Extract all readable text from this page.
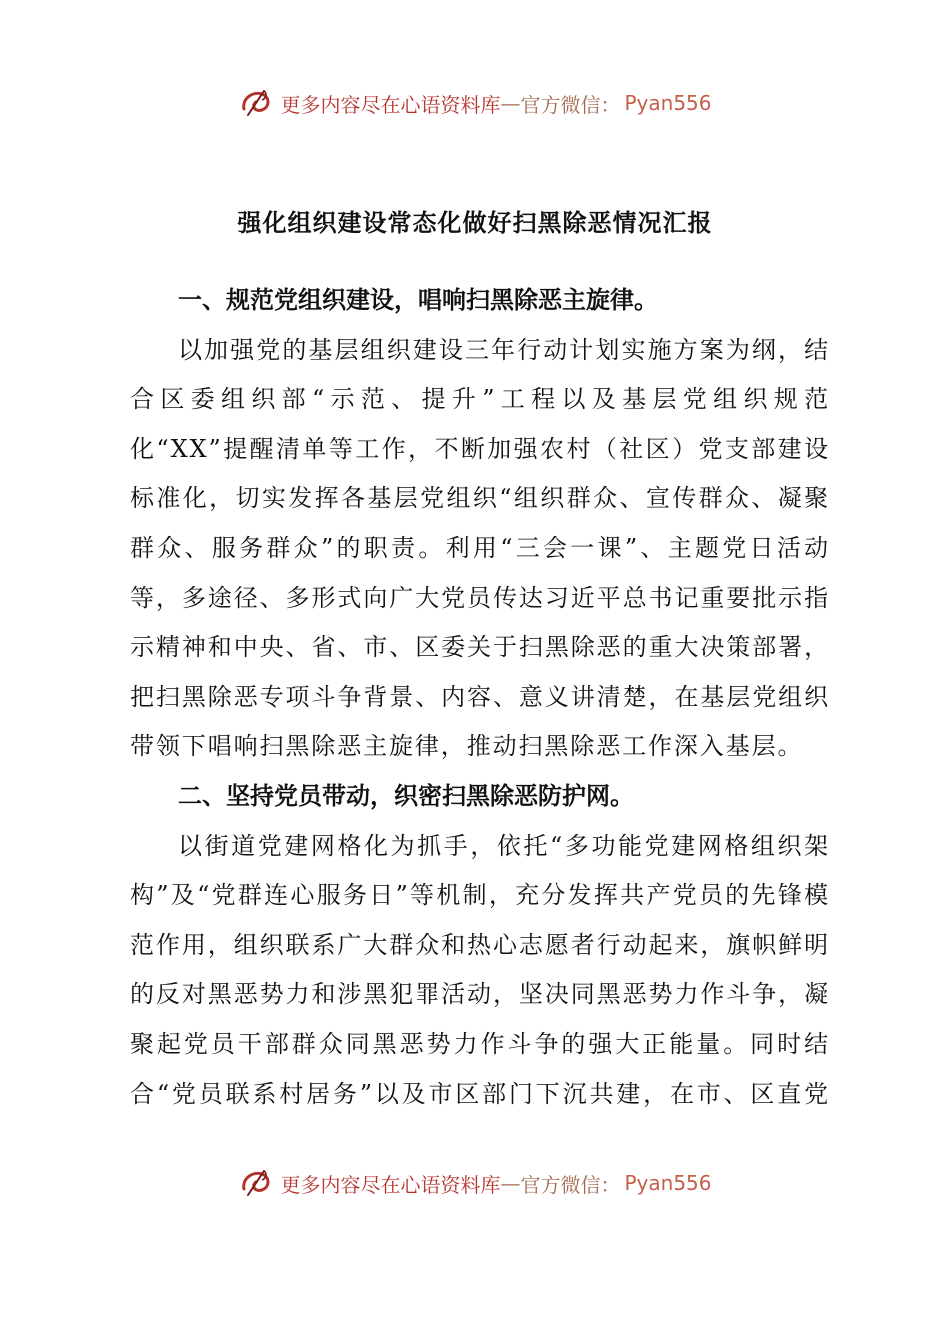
更多内容尽在心语资料库 — 官方微信： Pyan556
强化组织建设常态化做好扫黑除恶情况汇报

一、规范党组织建设，唱响扫黑除恶主旋律。

以加强党的基层组织建设三年行动计划实施方案为纲，结合区委组织部“示范、提升”工程以及基层党组织规范化“XX”提醒清单等工作，不断加强农村（社区）党支部建设标准化，切实发挥各基层党组织“组织群众、宣传群众、凝聚群众、服务群众”的职责。利用“三会一课”、主题党日活动等，多途径、多形式向广大党员传达习近平总书记重要批示指示精神和中央、省、市、区委关于扫黑除恶的重大决策部署，把扫黑除恶专项斗争背景、内容、意义讲清楚，在基层党组织带领下唱响扫黑除恶主旋律，推动扫黑除恶工作深入基层。

二、坚持党员带动，织密扫黑除恶防护网。

以街道党建网格化为抓手，依托“多功能党建网格组织架构”及“党群连心服务日”等机制，充分发挥共产党员的先锋模范作用，组织联系广大群众和热心志愿者行动起来，旗帜鲜明的反对黑恶势力和涉黑犯罪活动，坚决同黑恶势力作斗争，凝聚起党员干部群众同黑恶势力作斗争的强大正能量。同时结合“党员联系村居务”以及市区部门下沉共建，在市、区直党

更多内容尽在心语资料库 — 官方微信： Pyan556
